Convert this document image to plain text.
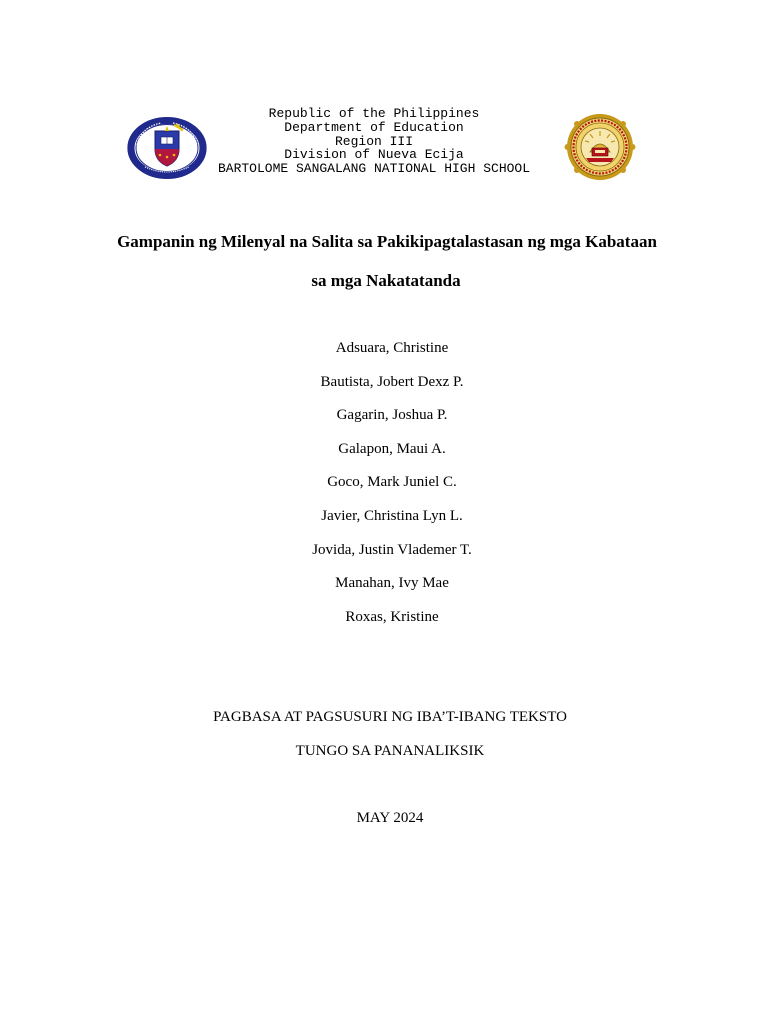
Republic of the Philippines
Department of Education
Region III
Division of Nueva Ecija
BARTOLOME SANGALANG NATIONAL HIGH SCHOOL
Gampanin ng Milenyal na Salita sa Pakikipagtalastasan ng mga Kabataan
sa mga Nakatatanda
Adsuara, Christine
Bautista, Jobert Dexz P.
Gagarin, Joshua P.
Galapon, Maui A.
Goco, Mark Juniel C.
Javier, Christina Lyn L.
Jovida, Justin Vlademer T.
Manahan, Ivy Mae
Roxas, Kristine
PAGBASA AT PAGSUSURI NG IBA’T-IBANG TEKSTO
TUNGO SA PANANALIKSIK
MAY 2024
